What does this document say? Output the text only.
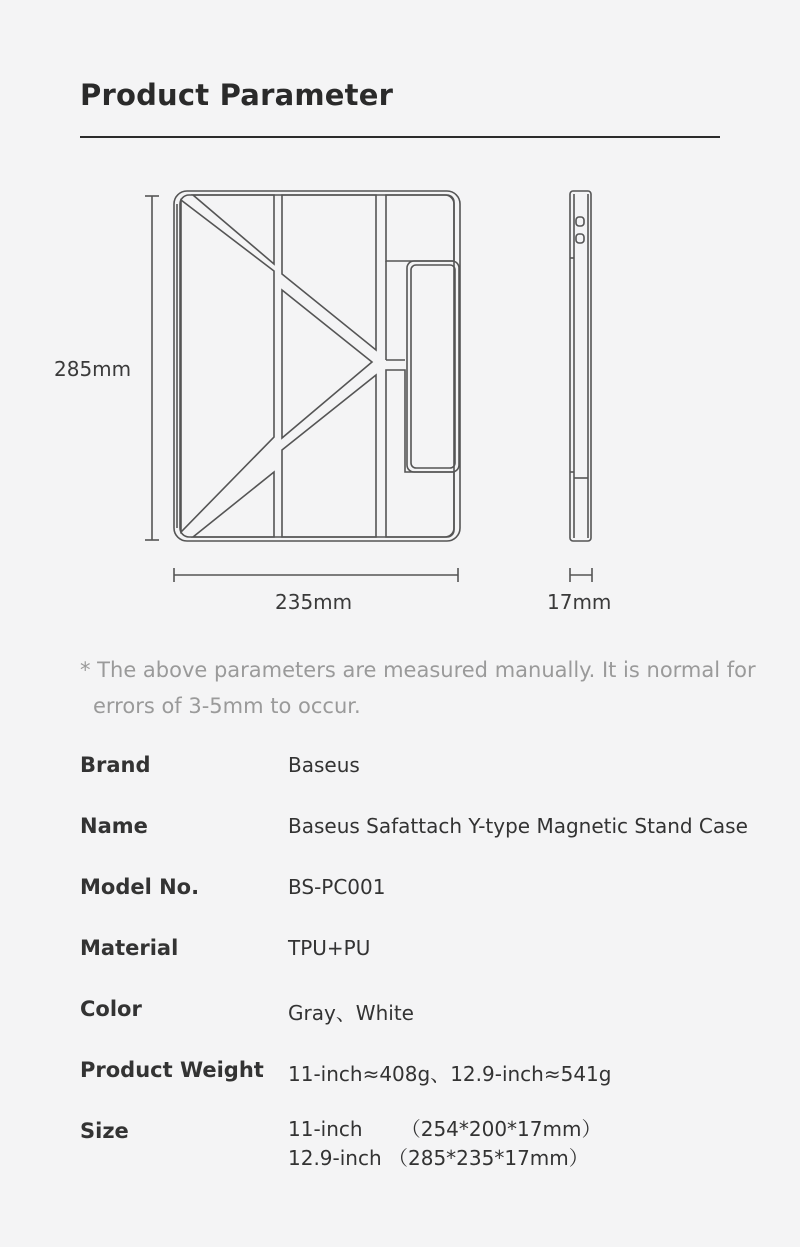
Product Parameter
285mm
235mm	17mm
* The above parameters are measured manually. It is normal for
errors of 3-5mm to occur.
Brand	Baseus
Name	Baseus Safattach Y-type Magnetic Stand Case
Model No.	BS-PC001
Material	TPU+PU
Color	Gray、White
Product Weight 11-inch≈408g、12.9-inch≈541g
Size	11-inch      （254*200*17mm）
12.9-inch （285*235*17mm）
